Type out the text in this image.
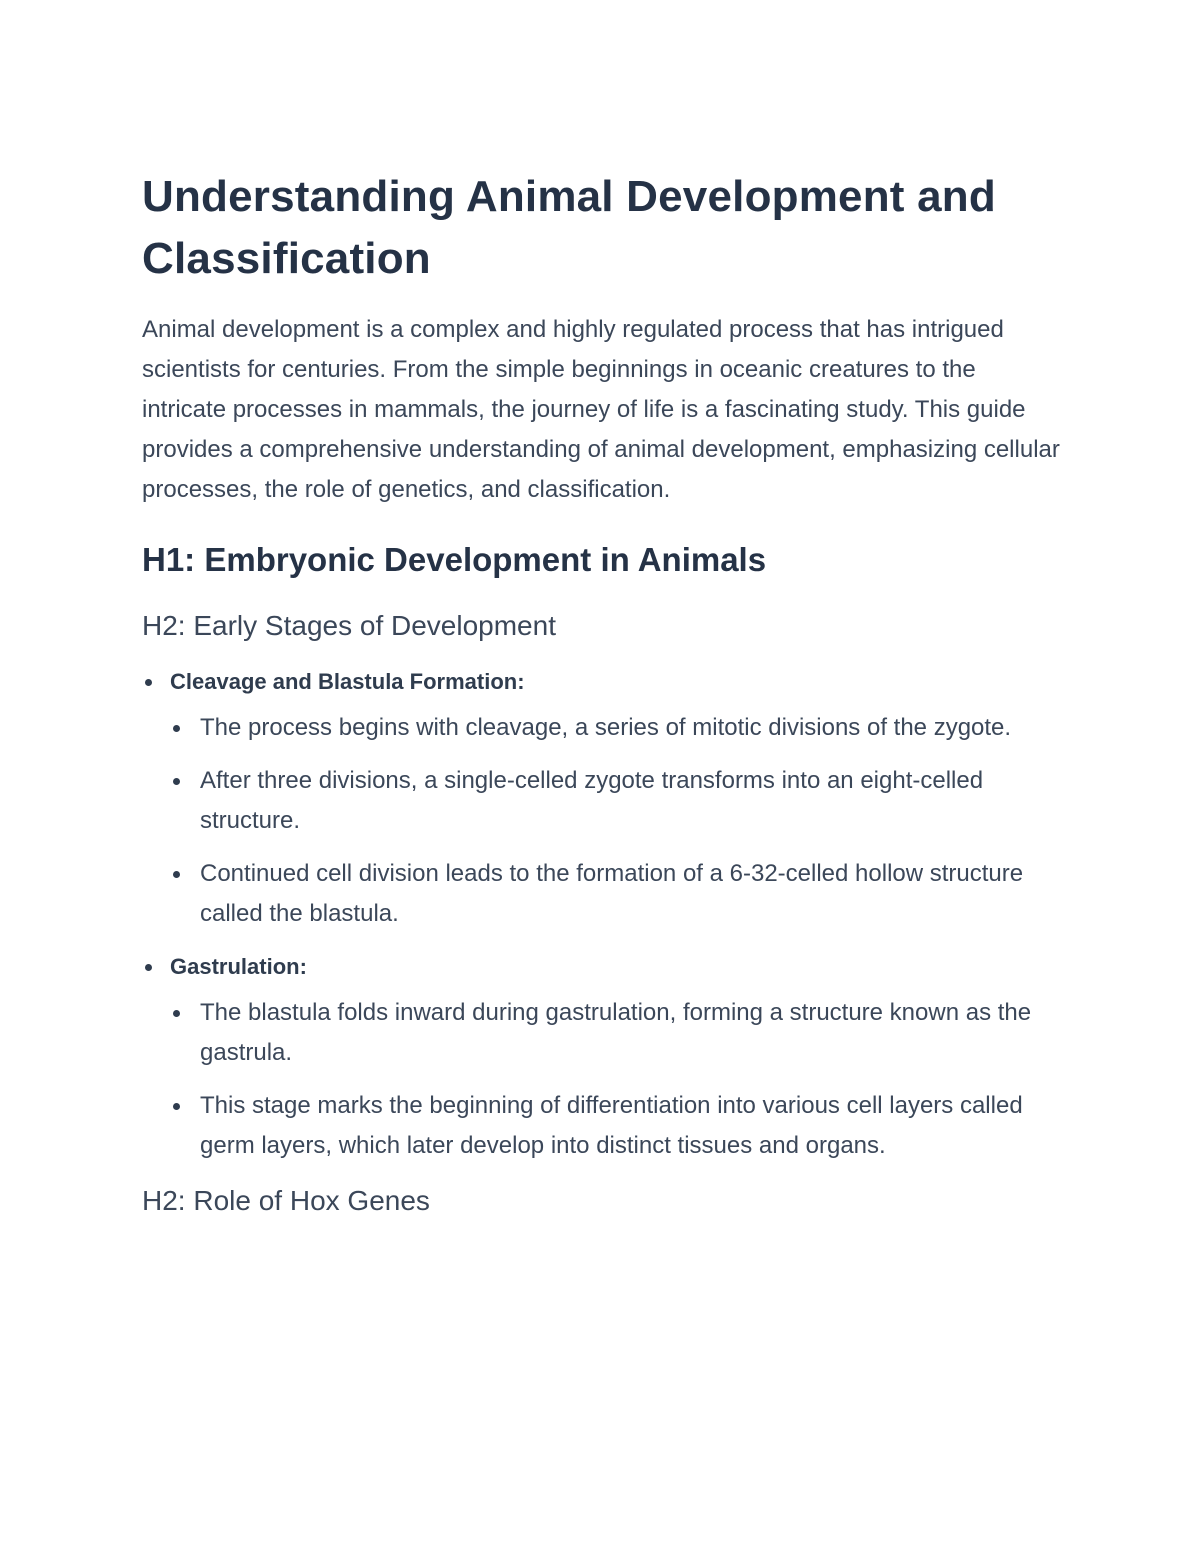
Understanding Animal Development and Classification

Animal development is a complex and highly regulated process that has intrigued scientists for centuries. From the simple beginnings in oceanic creatures to the intricate processes in mammals, the journey of life is a fascinating study. This guide provides a comprehensive understanding of animal development, emphasizing cellular processes, the role of genetics, and classification.

H1: Embryonic Development in Animals
H2: Early Stages of Development
Cleavage and Blastula Formation:
The process begins with cleavage, a series of mitotic divisions of the zygote.
After three divisions, a single-celled zygote transforms into an eight-celled structure.
Continued cell division leads to the formation of a 6-32-celled hollow structure called the blastula.
Gastrulation:
The blastula folds inward during gastrulation, forming a structure known as the gastrula.
This stage marks the beginning of differentiation into various cell layers called germ layers, which later develop into distinct tissues and organs.
H2: Role of Hox Genes
